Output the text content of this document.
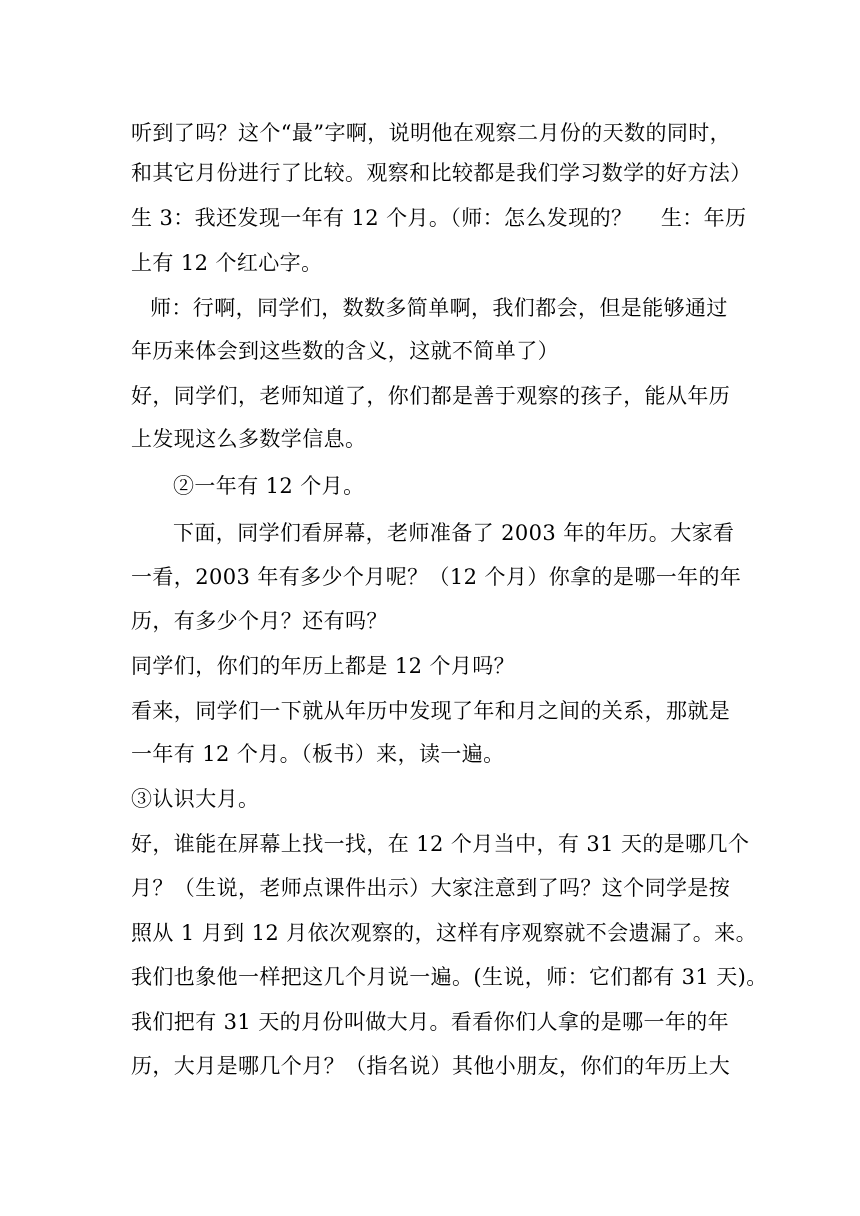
听到了吗？这个“最”字啊，说明他在观察二月份的天数的同时，
和其它月份进行了比较。观察和比较都是我们学习数学的好方法）
生 3：我还发现一年有 12 个月。（师：怎么发现的？　 生：年历
上有 12 个红心字。
师：行啊，同学们，数数多简单啊，我们都会，但是能够通过
年历来体会到这些数的含义，这就不简单了）
好，同学们，老师知道了，你们都是善于观察的孩子，能从年历
上发现这么多数学信息。
②一年有 12 个月。
下面，同学们看屏幕，老师准备了 2003 年的年历。大家看
一看，2003 年有多少个月呢？（12 个月）你拿的是哪一年的年
历，有多少个月？还有吗？
同学们，你们的年历上都是 12 个月吗？
看来，同学们一下就从年历中发现了年和月之间的关系，那就是
一年有 12 个月。（板书）来，读一遍。
③认识大月。
好，谁能在屏幕上找一找，在 12 个月当中，有 31 天的是哪几个
月？（生说，老师点课件出示）大家注意到了吗？这个同学是按
照从 1 月到 12 月依次观察的，这样有序观察就不会遗漏了。来。
我们也象他一样把这几个月说一遍。(生说，师：它们都有 31 天)。
我们把有 31 天的月份叫做大月。看看你们人拿的是哪一年的年
历，大月是哪几个月？（指名说）其他小朋友，你们的年历上大
